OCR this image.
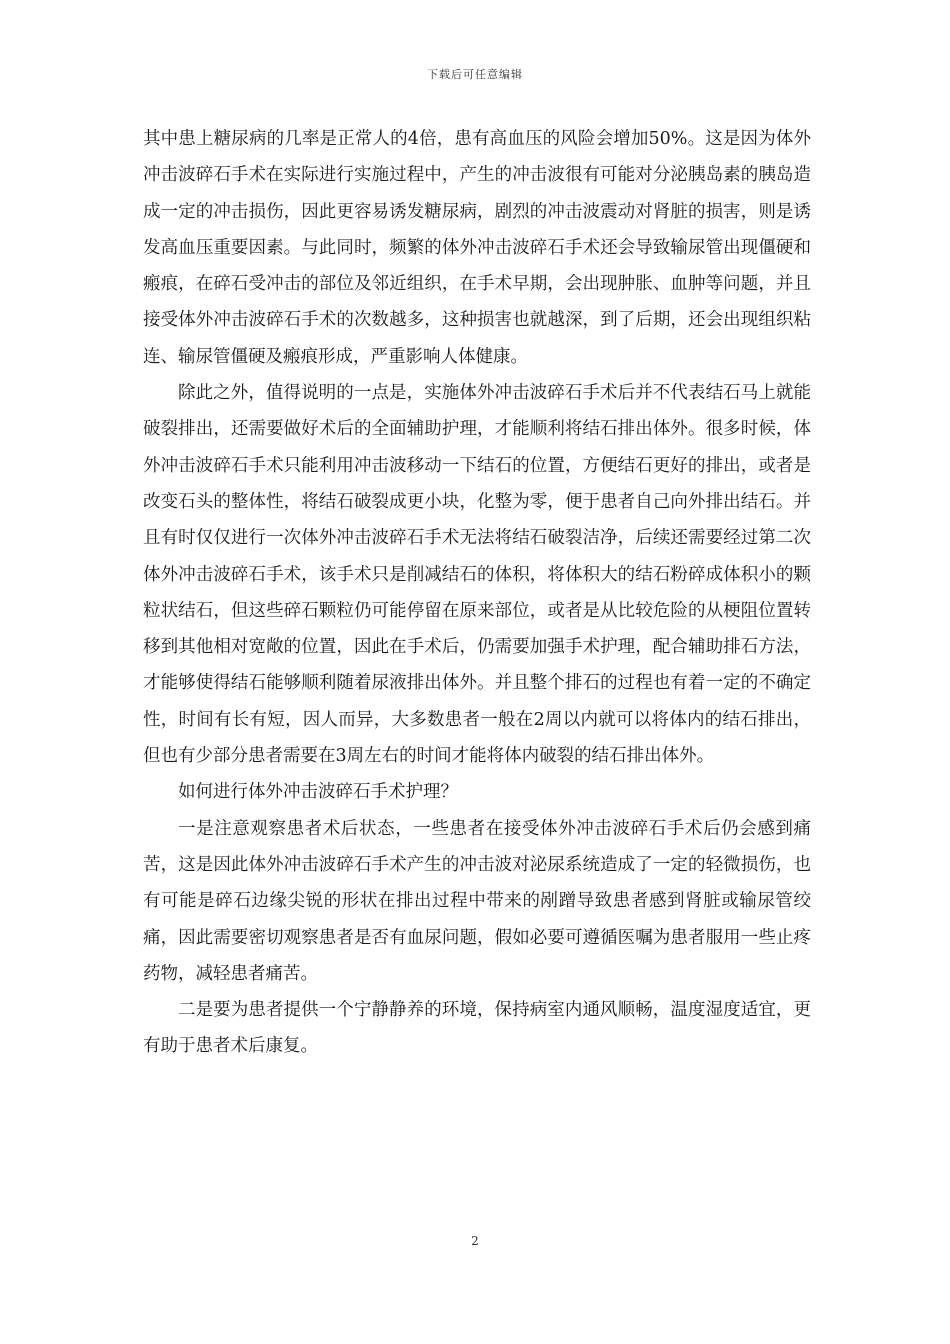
下载后可任意编辑

其中患上糖尿病的几率是正常人的4倍，患有高血压的风险会增加50%。这是因为体外冲击波碎石手术在实际进行实施过程中，产生的冲击波很有可能对分泌胰岛素的胰岛造成一定的冲击损伤，因此更容易诱发糖尿病，剧烈的冲击波震动对肾脏的损害，则是诱发高血压重要因素。与此同时，频繁的体外冲击波碎石手术还会导致输尿管出现僵硬和瘢痕，在碎石受冲击的部位及邻近组织，在手术早期，会出现肿胀、血肿等问题，并且接受体外冲击波碎石手术的次数越多，这种损害也就越深，到了后期，还会出现组织粘连、输尿管僵硬及瘢痕形成，严重影响人体健康。

除此之外，值得说明的一点是，实施体外冲击波碎石手术后并不代表结石马上就能破裂排出，还需要做好术后的全面辅助护理，才能顺利将结石排出体外。很多时候，体外冲击波碎石手术只能利用冲击波移动一下结石的位置，方便结石更好的排出，或者是改变石头的整体性，将结石破裂成更小块，化整为零，便于患者自己向外排出结石。并且有时仅仅进行一次体外冲击波碎石手术无法将结石破裂洁净，后续还需要经过第二次体外冲击波碎石手术，该手术只是削减结石的体积，将体积大的结石粉碎成体积小的颗粒状结石，但这些碎石颗粒仍可能停留在原来部位，或者是从比较危险的从梗阻位置转移到其他相对宽敞的位置，因此在手术后，仍需要加强手术护理，配合辅助排石方法，才能够使得结石能够顺利随着尿液排出体外。并且整个排石的过程也有着一定的不确定性，时间有长有短，因人而异，大多数患者一般在2周以内就可以将体内的结石排出，但也有少部分患者需要在3周左右的时间才能将体内破裂的结石排出体外。

如何进行体外冲击波碎石手术护理？

一是注意观察患者术后状态，一些患者在接受体外冲击波碎石手术后仍会感到痛苦，这是因此体外冲击波碎石手术产生的冲击波对泌尿系统造成了一定的轻微损伤，也有可能是碎石边缘尖锐的形状在排出过程中带来的剐蹭导致患者感到肾脏或输尿管绞痛，因此需要密切观察患者是否有血尿问题，假如必要可遵循医嘱为患者服用一些止疼药物，减轻患者痛苦。

二是要为患者提供一个宁静静养的环境，保持病室内通风顺畅，温度湿度适宜，更有助于患者术后康复。

2
